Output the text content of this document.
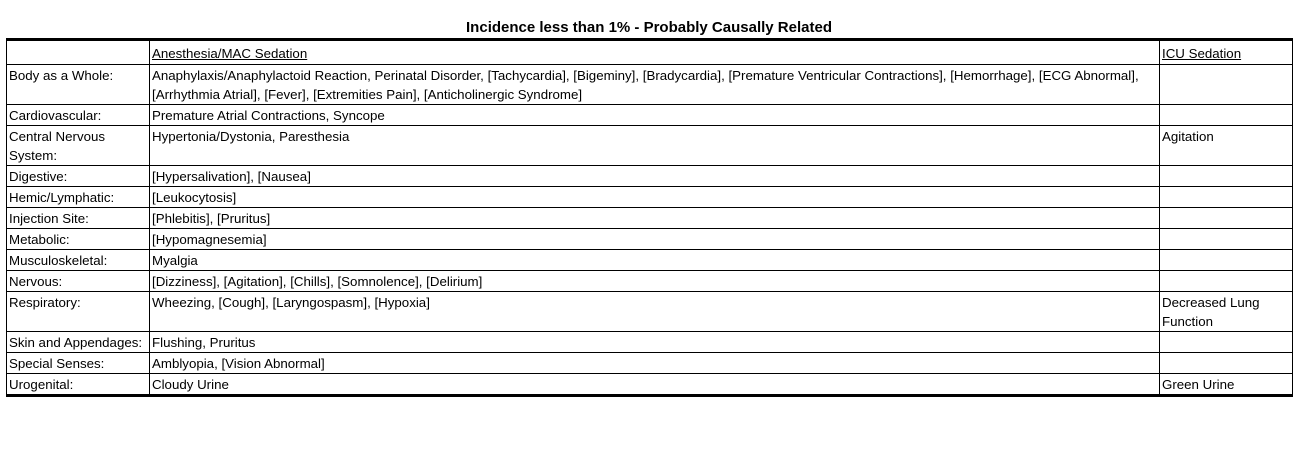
Incidence less than 1% - Probably Causally Related
	Anesthesia/MAC Sedation	ICU Sedation
Body as a Whole:	Anaphylaxis/Anaphylactoid Reaction, Perinatal Disorder, [Tachycardia], [Bigeminy], [Bradycardia], [Premature Ventricular Contractions], [Hemorrhage], [ECG Abnormal], [Arrhythmia Atrial], [Fever], [Extremities Pain], [Anticholinergic Syndrome]	
Cardiovascular:	Premature Atrial Contractions, Syncope	
Central Nervous System:	Hypertonia/Dystonia, Paresthesia	Agitation
Digestive:	[Hypersalivation], [Nausea]	
Hemic/Lymphatic:	[Leukocytosis]	
Injection Site:	[Phlebitis], [Pruritus]	
Metabolic:	[Hypomagnesemia]	
Musculoskeletal:	Myalgia	
Nervous:	[Dizziness], [Agitation], [Chills], [Somnolence], [Delirium]	
Respiratory:	Wheezing, [Cough], [Laryngospasm], [Hypoxia]	Decreased Lung Function
Skin and Appendages:	Flushing, Pruritus	
Special Senses:	Amblyopia, [Vision Abnormal]	
Urogenital:	Cloudy Urine	Green Urine
